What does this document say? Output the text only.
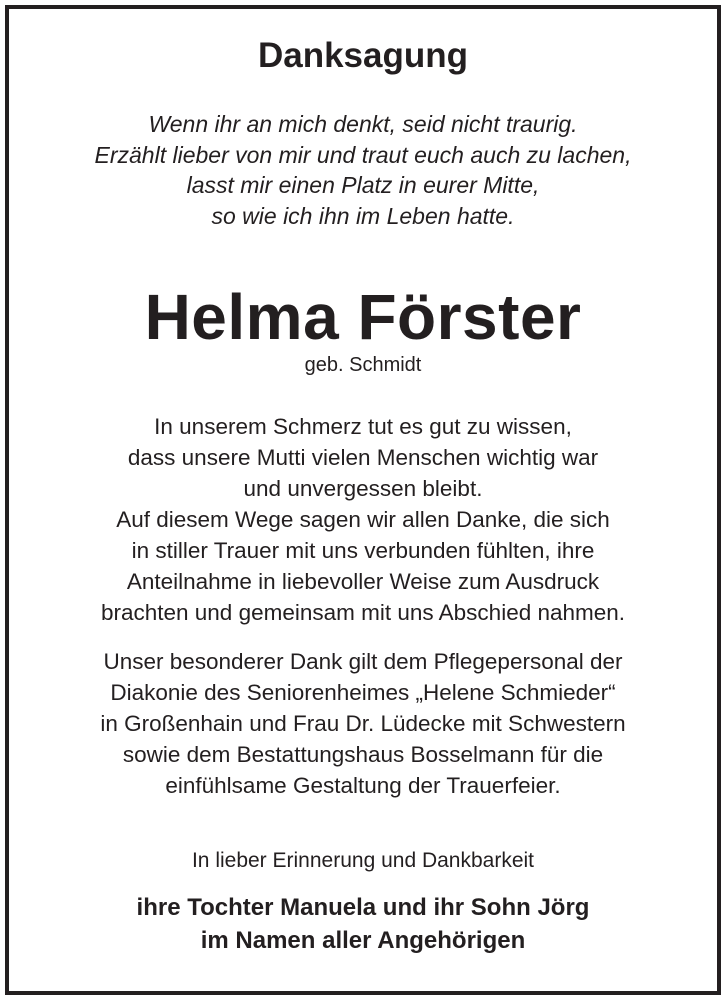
Danksagung
Wenn ihr an mich denkt, seid nicht traurig.
Erzählt lieber von mir und traut euch auch zu lachen,
lasst mir einen Platz in eurer Mitte,
so wie ich ihn im Leben hatte.
Helma Förster
geb. Schmidt
In unserem Schmerz tut es gut zu wissen,
dass unsere Mutti vielen Menschen wichtig war
und unvergessen bleibt.
Auf diesem Wege sagen wir allen Danke, die sich
in stiller Trauer mit uns verbunden fühlten, ihre
Anteilnahme in liebevoller Weise zum Ausdruck
brachten und gemeinsam mit uns Abschied nahmen.
Unser besonderer Dank gilt dem Pflegepersonal der
Diakonie des Seniorenheimes „Helene Schmieder“
in Großenhain und Frau Dr. Lüdecke mit Schwestern
sowie dem Bestattungshaus Bosselmann für die
einfühlsame Gestaltung der Trauerfeier.
In lieber Erinnerung und Dankbarkeit
ihre Tochter Manuela und ihr Sohn Jörg
im Namen aller Angehörigen
